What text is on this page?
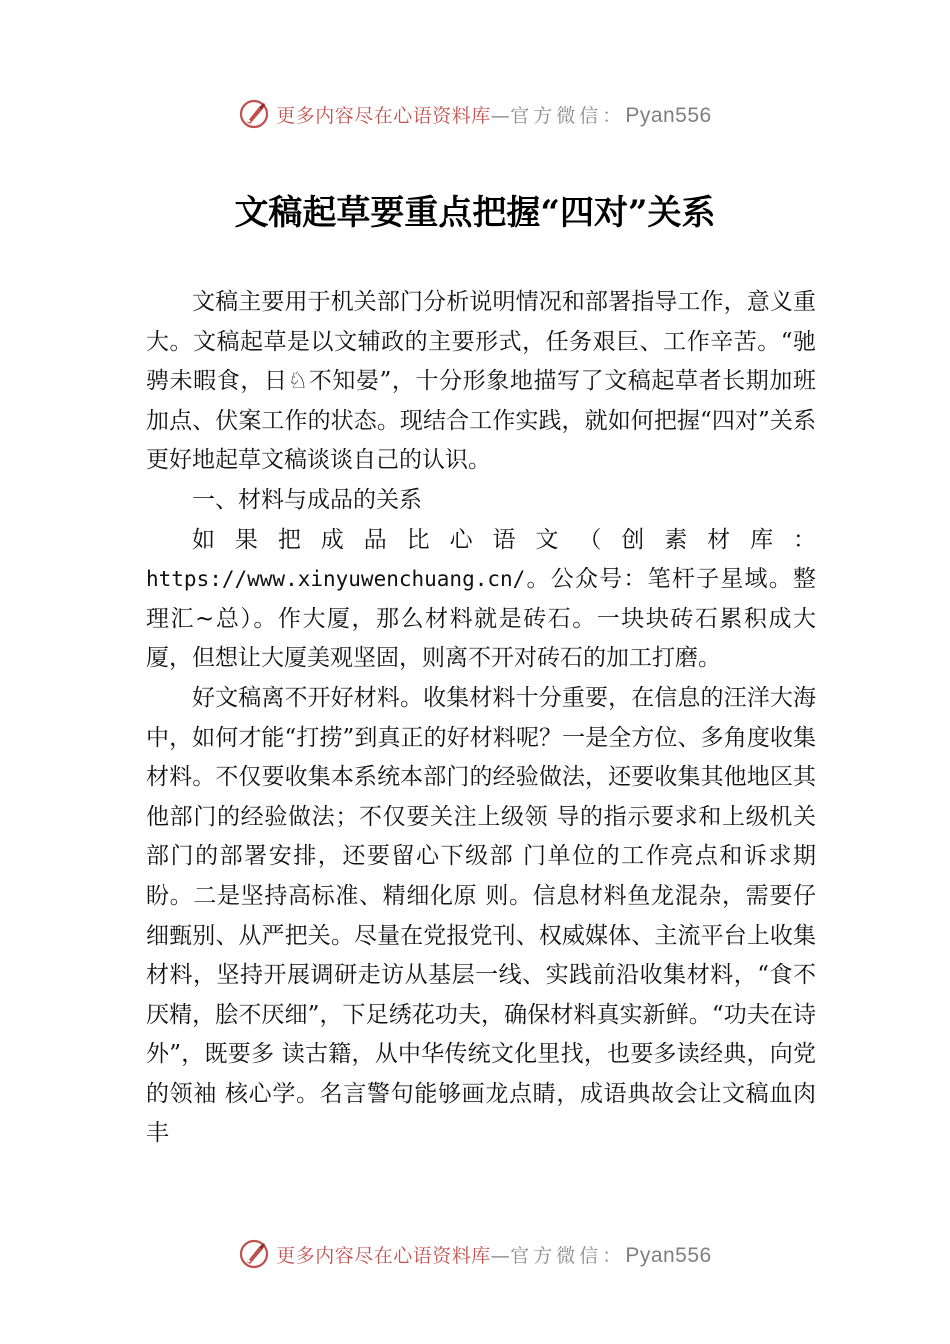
更多内容尽在心语资料库—官方微信：Pyan556
文稿起草要重点把握“四对”关系

文稿主要用于机关部门分析说明情况和部署指导工作，意义重大。文稿起草是以文辅政的主要形式，任务艰巨、工作辛苦。“驰骋未暇食，日♘不知晏”，十分形象地描写了文稿起草者长期加班加点、伏案工作的状态。现结合工作实践，就如何把握“四对”关系更好地起草文稿谈谈自己的认识。

一、材料与成品的关系

如果把成品比心语文（创素材库：https://www.xinyuwenchuang.cn/。公众号：笔杆子星域。整理汇~总）。作大厦，那么材料就是砖石。一块块砖石累积成大厦，但想让大厦美观坚固，则离不开对砖石的加工打磨。

好文稿离不开好材料。收集材料十分重要，在信息的汪洋大海中，如何才能“打捞”到真正的好材料呢？一是全方位、多角度收集材料。不仅要收集本系统本部门的经验做法，还要收集其他地区其他部门的经验做法；不仅要关注上级领 导的指示要求和上级机关部门的部署安排，还要留心下级部 门单位的工作亮点和诉求期盼。二是坚持高标准、精细化原 则。信息材料鱼龙混杂，需要仔细甄别、从严把关。尽量在党报党刊、权威媒体、主流平台上收集材料，坚持开展调研走访从基层一线、实践前沿收集材料，“食不厌精，脍不厌细”，下足绣花功夫，确保材料真实新鲜。“功夫在诗外”，既要多 读古籍，从中华传统文化里找，也要多读经典，向党的领袖 核心学。名言警句能够画龙点睛，成语典故会让文稿血肉丰

更多内容尽在心语资料库—官方微信：Pyan556
